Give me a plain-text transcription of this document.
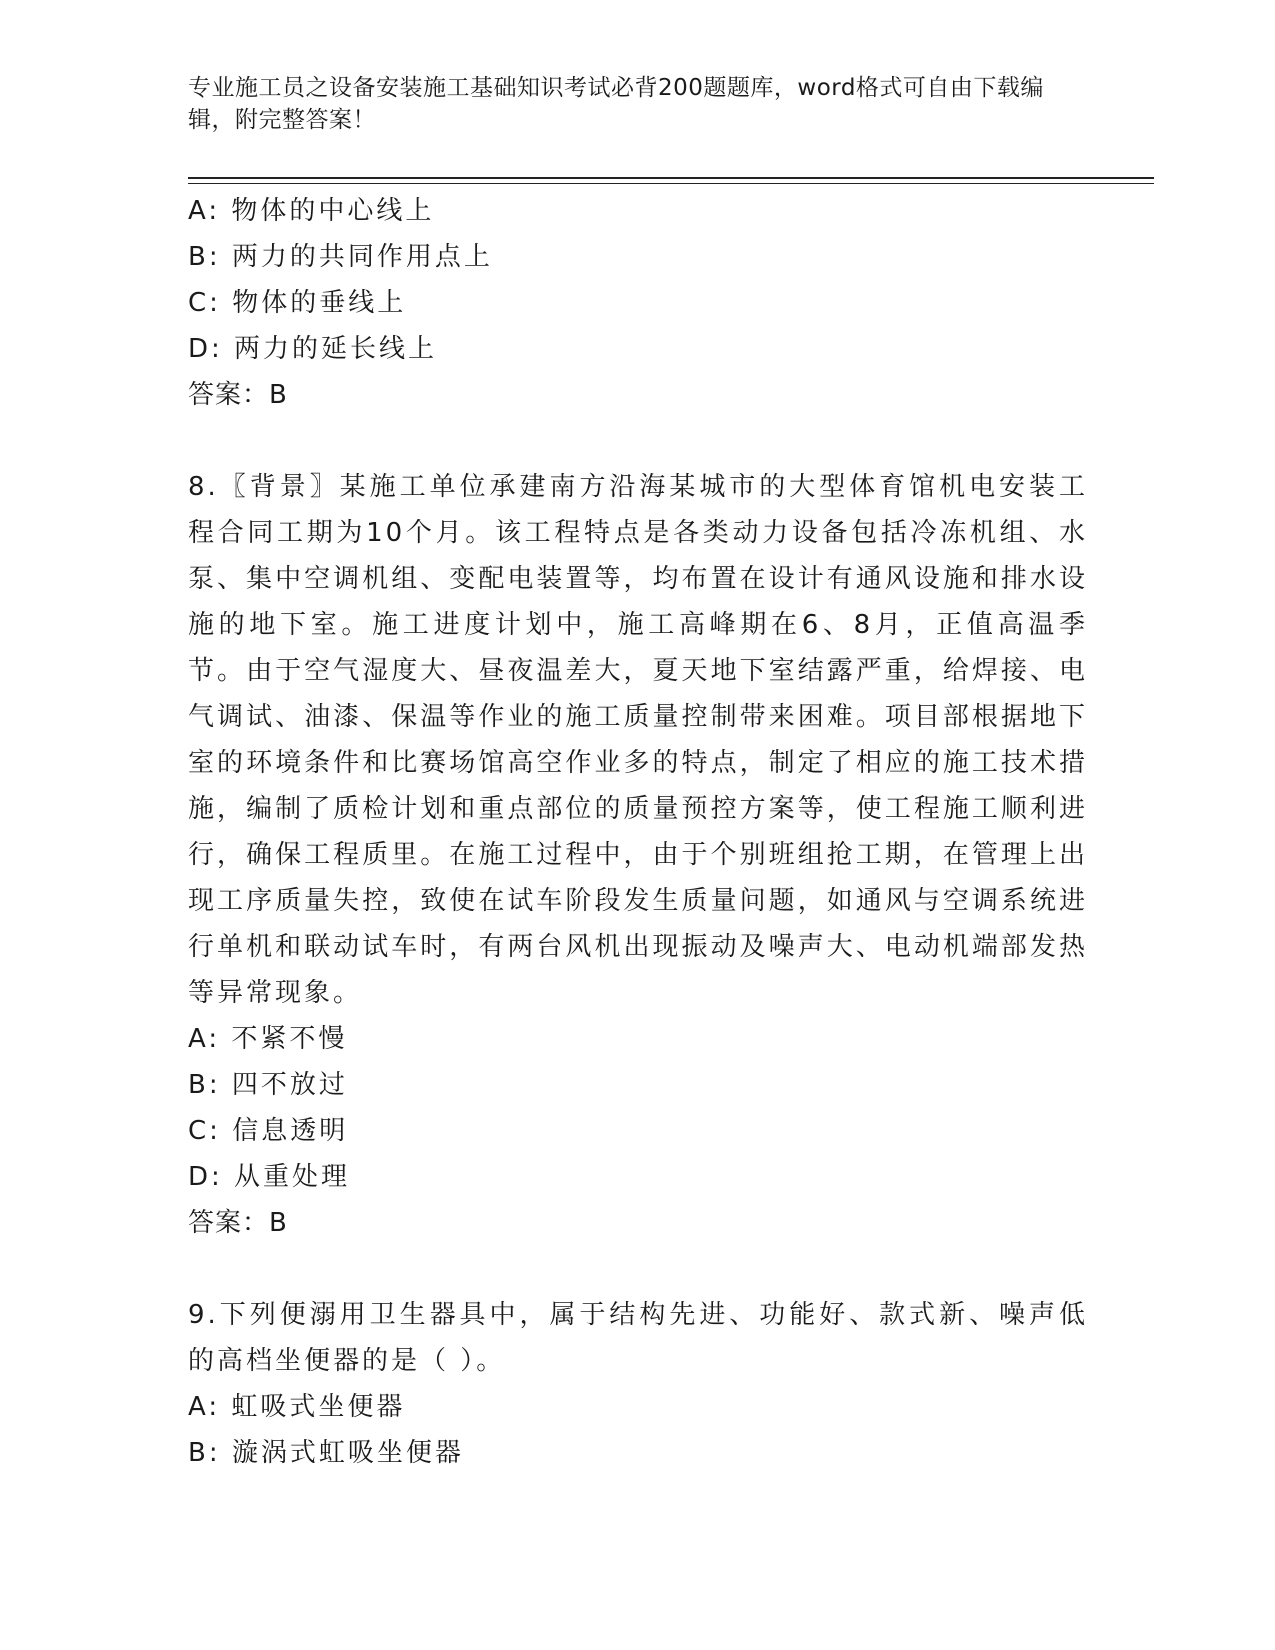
专业施工员之设备安装施工基础知识考试必背200题题库，word格式可自由下载编辑，附完整答案！
A: 物体的中心线上
B: 两力的共同作用点上
C: 物体的垂线上
D: 两力的延长线上
答案：B

8.〖背景〗某施工单位承建南方沿海某城市的大型体育馆机电安装工程合同工期为10个月。该工程特点是各类动力设备包括冷冻机组、水泵、集中空调机组、变配电装置等，均布置在设计有通风设施和排水设施的地下室。施工进度计划中，施工高峰期在6、8月，正值高温季节。由于空气湿度大、昼夜温差大，夏天地下室结露严重，给焊接、电气调试、油漆、保温等作业的施工质量控制带来困难。项目部根据地下室的环境条件和比赛场馆高空作业多的特点，制定了相应的施工技术措施，编制了质检计划和重点部位的质量预控方案等，使工程施工顺利进行，确保工程质里。在施工过程中，由于个别班组抢工期，在管理上出现工序质量失控，致使在试车阶段发生质量问题，如通风与空调系统进行单机和联动试车时，有两台风机出现振动及噪声大、电动机端部发热等异常现象。

A: 不紧不慢
B: 四不放过
C: 信息透明
D: 从重处理
答案：B

9.下列便溺用卫生器具中，属于结构先进、功能好、款式新、噪声低的高档坐便器的是（ ）。

A: 虹吸式坐便器
B: 漩涡式虹吸坐便器
